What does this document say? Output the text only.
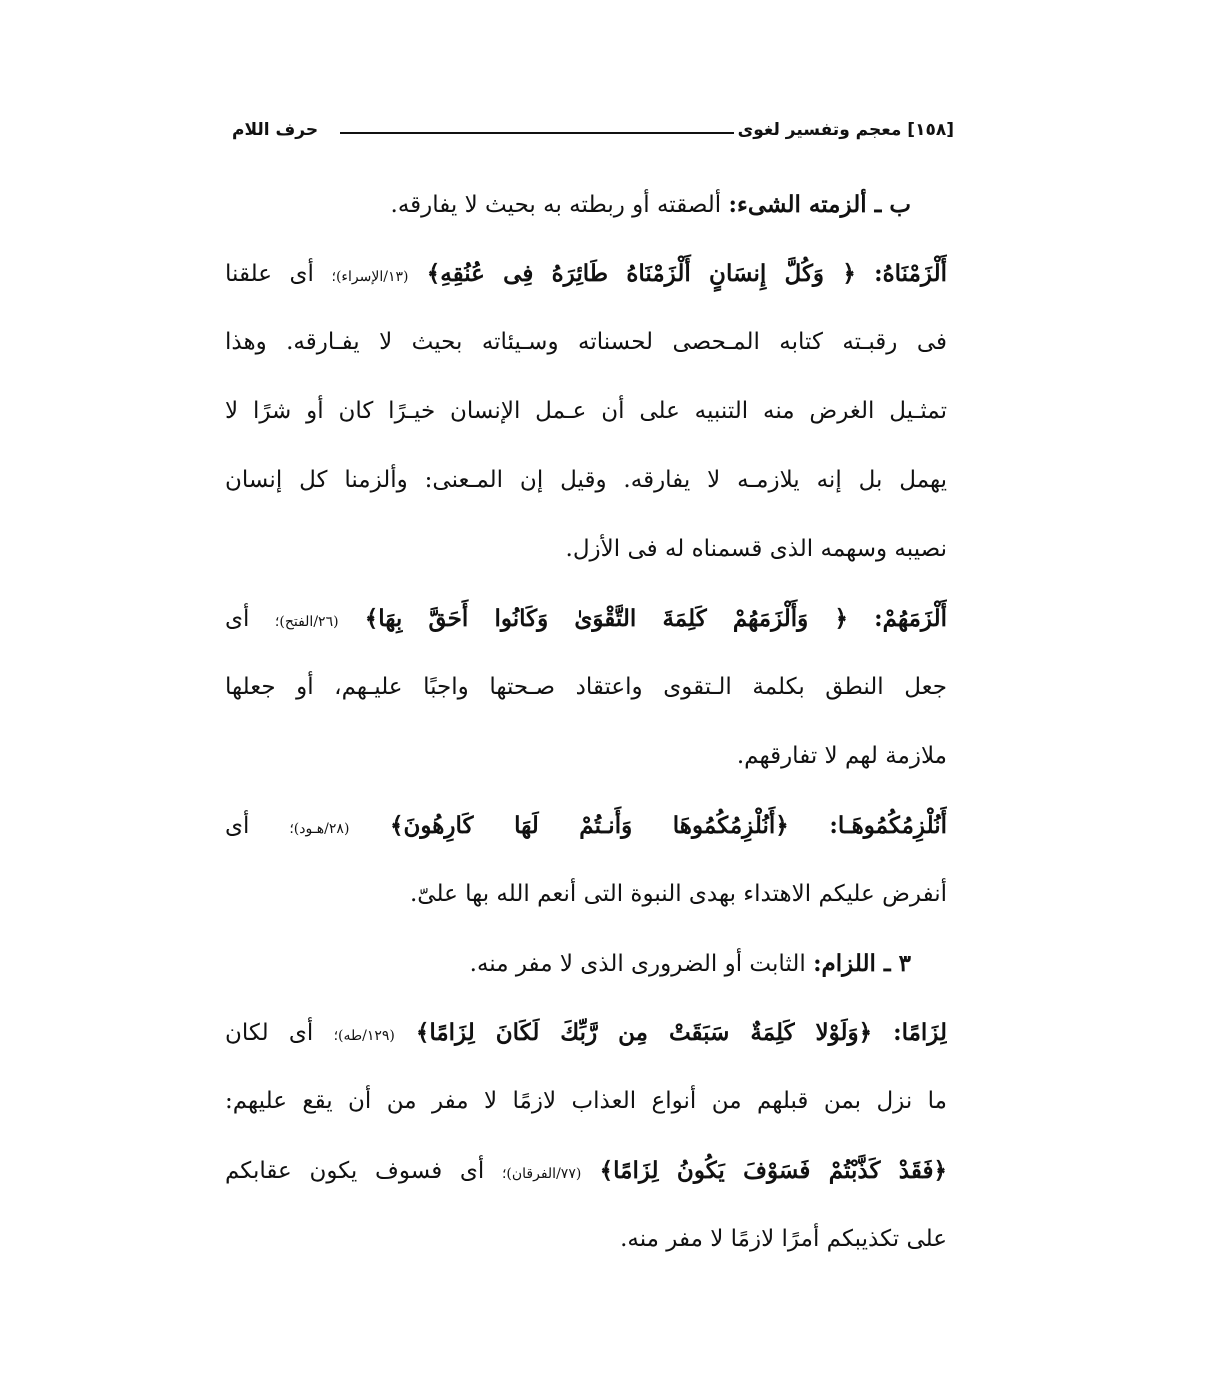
[١٥٨] معجم وتفسير لغوى
حرف اللام
ب ـ ألزمته الشىء: ألصقته أو ربطته به بحيث لا يفارقه.
أَلْزَمْنَاهُ: ﴿ وَكُلَّ إِنسَانٍ أَلْزَمْنَاهُ طَائِرَهُ فِى عُنُقِهِ﴾ (١٣/الإسراء)؛ أى علقنا
فى رقبـته كتابه المـحصى لحسناته وسـيئاته بحيث لا يفـارقه. وهذا
تمثـيل الغرض منه التنبيه على أن عـمل الإنسان خيـرًا كان أو شرًا لا
يهمل بل إنه يلازمـه لا يفارقه. وقيل إن المـعنى: وألزمنا كل إنسان
نصيبه وسهمه الذى قسمناه له فى الأزل.
أَلْزَمَهُمْ: ﴿ وَأَلْزَمَهُمْ كَلِمَةَ التَّقْوَىٰ وَكَانُوا أَحَقَّ بِهَا﴾ (٢٦/الفتح)؛ أى
جعل النطق بكلمة الـتقوى واعتقاد صـحتها واجبًا عليـهم، أو جعلها
ملازمة لهم لا تفارقهم.
أَنُلْزِمُكُمُوهَـا: ﴿أَنُلْزِمُكُمُوهَا وَأَنـتُمْ لَهَا كَارِهُونَ﴾ (٢٨/هـود)؛ أى
أنفرض عليكم الاهتداء بهدى النبوة التى أنعم الله بها علىّ.
٣ ـ اللزام: الثابت أو الضرورى الذى لا مفر منه.
لِزَامًا: ﴿وَلَوْلا كَلِمَةٌ سَبَقَتْ مِن رَّبِّكَ لَكَانَ لِزَامًا﴾ (١٢٩/طه)؛ أى لكان
ما نزل بمن قبلهم من أنواع العذاب لازمًا لا مفر من أن يقع عليهم:
﴿فَقَدْ كَذَّبْتُمْ فَسَوْفَ يَكُونُ لِزَامًا﴾ (٧٧/الفرقان)؛ أى فسوف يكون عقابكم
على تكذيبكم أمرًا لازمًا لا مفر منه.
